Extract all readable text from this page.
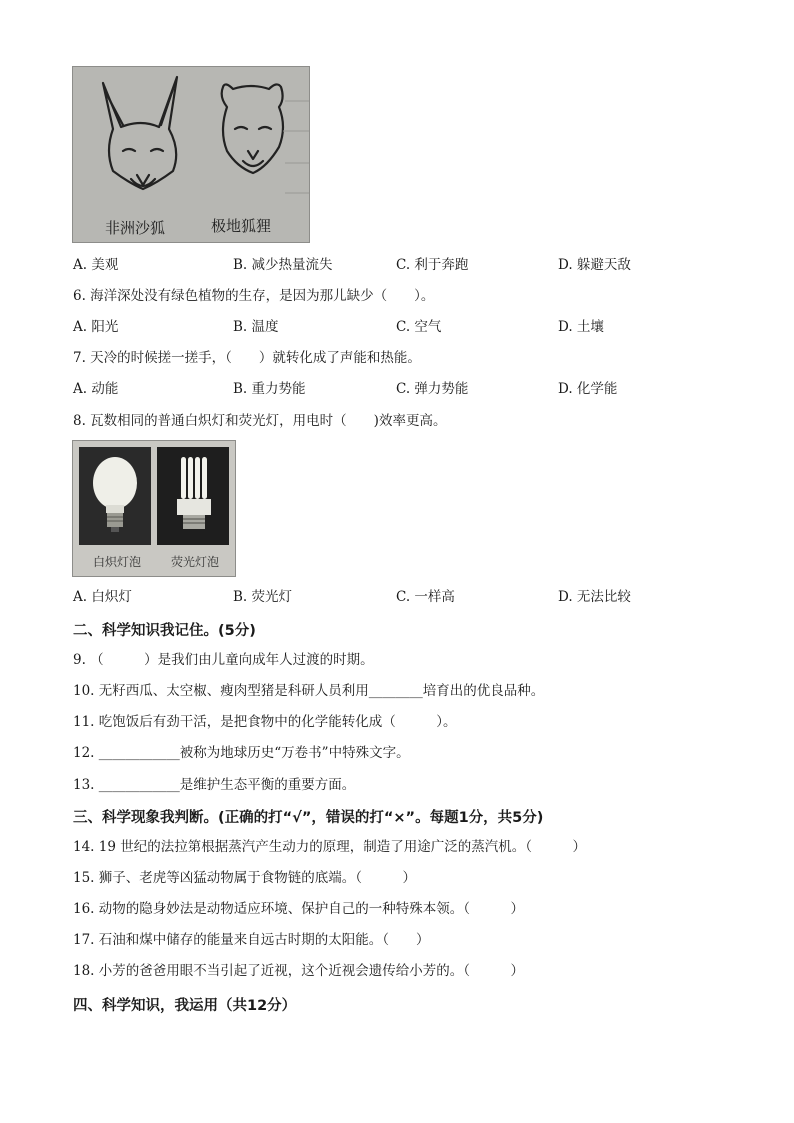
非洲沙狐	极地狐狸
A. 美观	B. 减少热量流失	C. 利于奔跑	D. 躲避天敌
6. 海洋深处没有绿色植物的生存，是因为那儿缺少（　　）。
A. 阳光	B. 温度	C. 空气	D. 土壤
7. 天冷的时候搓一搓手，（　　）就转化成了声能和热能。
A. 动能	B. 重力势能	C. 弹力势能	D. 化学能
8. 瓦数相同的普通白炽灯和荧光灯，用电时（　　)效率更高。
白炽灯泡 荧光灯泡
A. 白炽灯	B. 荧光灯	C. 一样高	D. 无法比较
二、科学知识我记住。(5分)
9. （　　　）是我们由儿童向成年人过渡的时期。
10. 无籽西瓜、太空椒、瘦肉型猪是科研人员利用________培育出的优良品种。
11. 吃饱饭后有劲干活，是把食物中的化学能转化成（　　　）。
12. ____________被称为地球历史“万卷书”中特殊文字。
13. ____________是维护生态平衡的重要方面。
三、科学现象我判断。(正确的打“√”，错误的打“×”。每题1分，共5分)
14. 19 世纪的法拉第根据蒸汽产生动力的原理，制造了用途广泛的蒸汽机。（　　　）
15. 狮子、老虎等凶猛动物属于食物链的底端。（　　　）
16. 动物的隐身妙法是动物适应环境、保护自己的一种特殊本领。（　　　）
17. 石油和煤中储存的能量来自远古时期的太阳能。（　　）
18. 小芳的爸爸用眼不当引起了近视，这个近视会遗传给小芳的。（　　　）
四、科学知识，我运用（共12分）
